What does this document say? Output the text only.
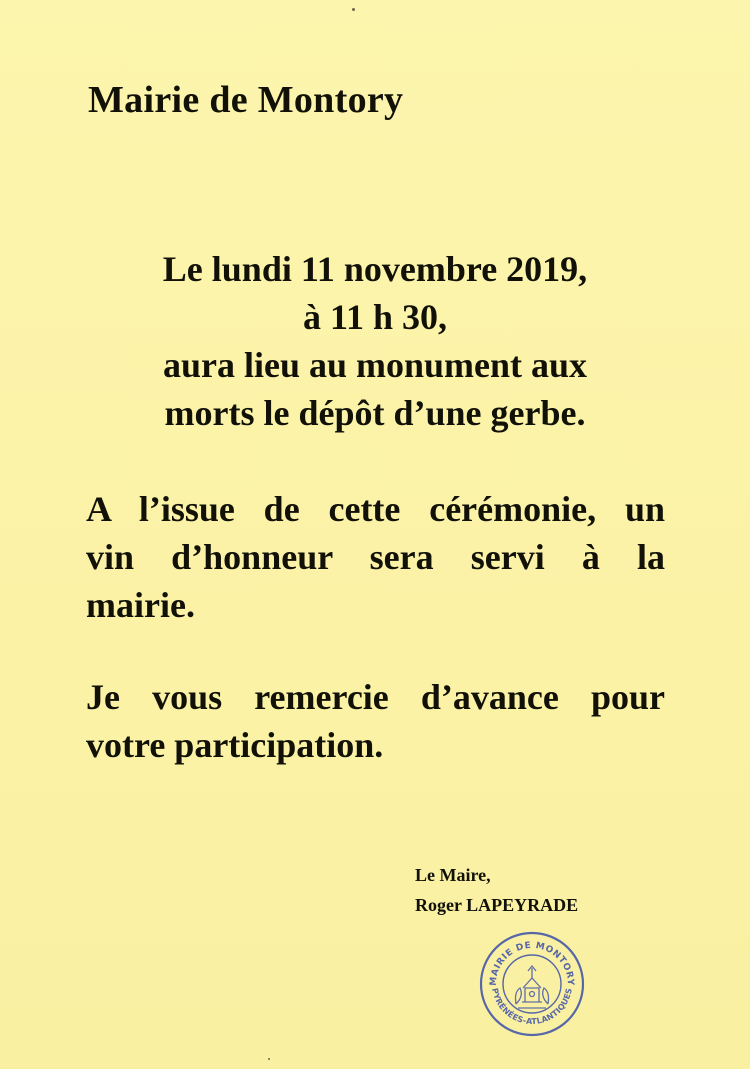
Mairie de Montory
Le lundi 11 novembre 2019,
à 11 h 30,
aura lieu au monument aux
morts le dépôt d’une gerbe.
A l’issue de cette cérémonie, un
vin d’honneur sera servi à la
mairie.
Je vous remercie d’avance pour
votre participation.
Le Maire,
Roger LAPEYRADE
MAIRIE DE MONTORY
PYRÉNÉES-ATLANTIQUES
